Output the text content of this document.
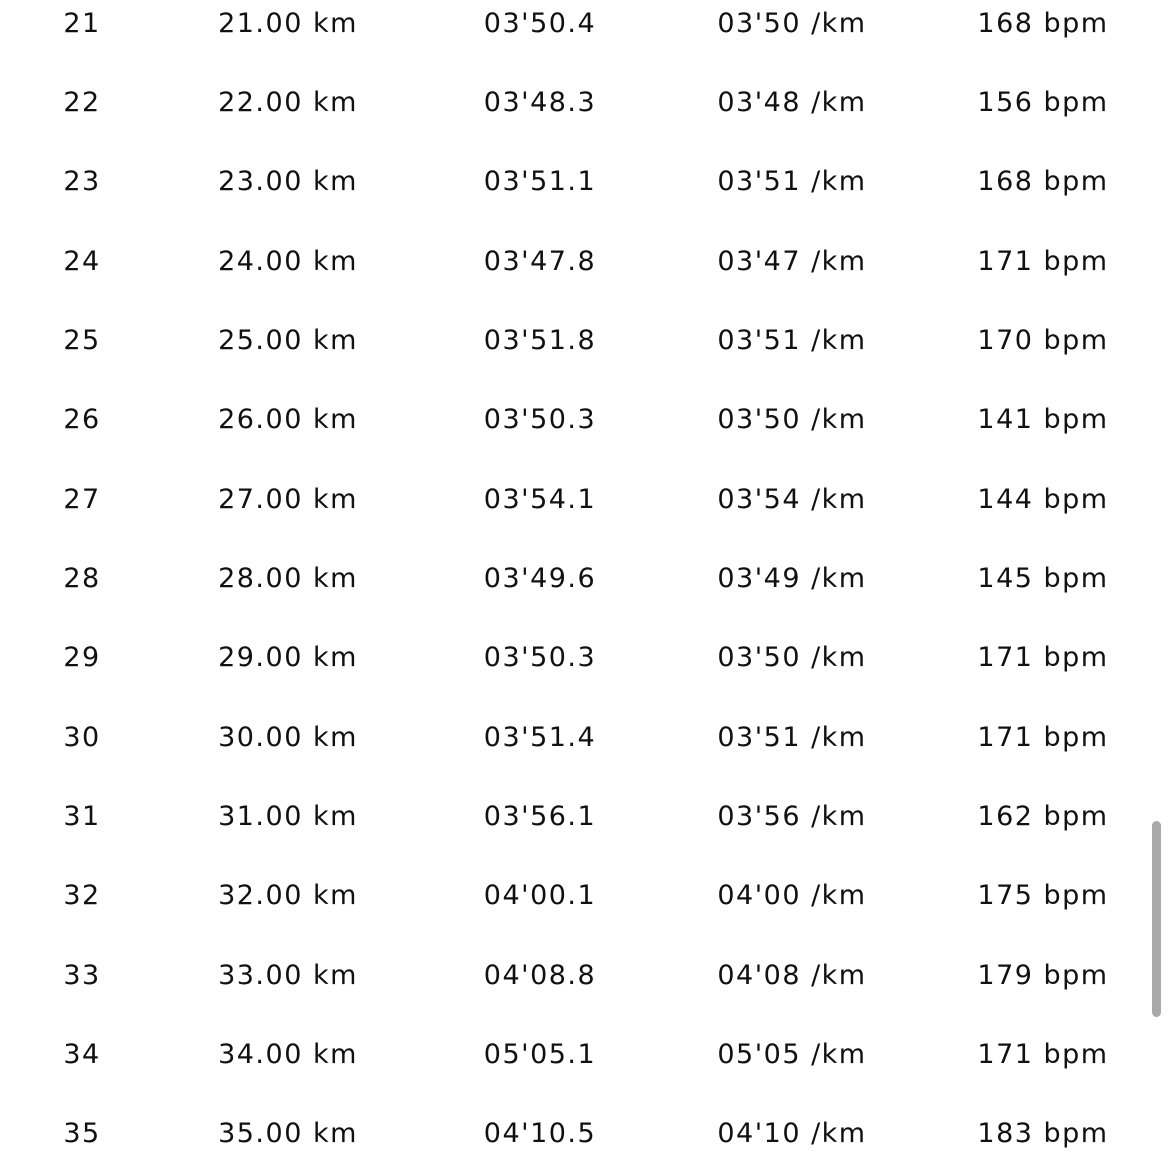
21	21.00 km	03'50.4	03'50 /km	168 bpm
22	22.00 km	03'48.3	03'48 /km	156 bpm
23	23.00 km	03'51.1	03'51 /km	168 bpm
24	24.00 km	03'47.8	03'47 /km	171 bpm
25	25.00 km	03'51.8	03'51 /km	170 bpm
26	26.00 km	03'50.3	03'50 /km	141 bpm
27	27.00 km	03'54.1	03'54 /km	144 bpm
28	28.00 km	03'49.6	03'49 /km	145 bpm
29	29.00 km	03'50.3	03'50 /km	171 bpm
30	30.00 km	03'51.4	03'51 /km	171 bpm
31	31.00 km	03'56.1	03'56 /km	162 bpm
32	32.00 km	04'00.1	04'00 /km	175 bpm
33	33.00 km	04'08.8	04'08 /km	179 bpm
34	34.00 km	05'05.1	05'05 /km	171 bpm
35	35.00 km	04'10.5	04'10 /km	183 bpm
